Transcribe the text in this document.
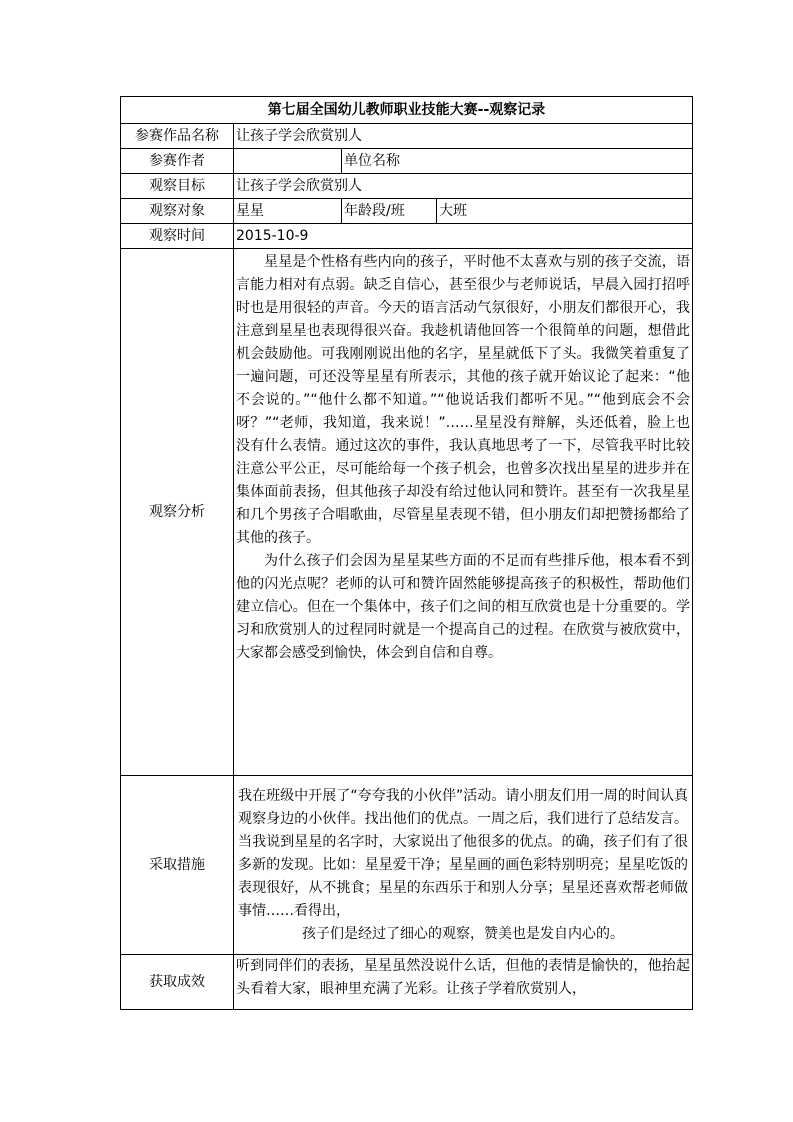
第七届全国幼儿教师职业技能大赛--观察记录			
参赛作品名称	让孩子学会欣赏别人		
参赛作者		单位名称	
观察目标	让孩子学会欣赏别人		
观察对象	星星	年龄段/班	大班
观察时间	2015-10-9		
观察分析	星星是个性格有些内向的孩子，平时他不太喜欢与别的孩子交流，语言能力相对有点弱。缺乏自信心，甚至很少与老师说话，早晨入园打招呼时也是用很轻的声音。今天的语言活动气氛很好，小朋友们都很开心，我注意到星星也表现得很兴奋。我趁机请他回答一个很简单的问题，想借此机会鼓励他。可我刚刚说出他的名字，星星就低下了头。我微笑着重复了一遍问题，可还没等星星有所表示，其他的孩子就开始议论了起来：“他不会说的。”“他什么都不知道。”“他说话我们都听不见。”“他到底会不会呀？”“老师，我知道，我来说！”……星星没有辩解，头还低着，脸上也没有什么表情。通过这次的事件，我认真地思考了一下，尽管我平时比较注意公平公正，尽可能给每一个孩子机会，也曾多次找出星星的进步并在集体面前表扬，但其他孩子却没有给过他认同和赞许。甚至有一次我星星和几个男孩子合唱歌曲，尽管星星表现不错，但小朋友们却把赞扬都给了其他的孩子。

为什么孩子们会因为星星某些方面的不足而有些排斥他，根本看不到他的闪光点呢？老师的认可和赞许固然能够提高孩子的积极性，帮助他们建立信心。但在一个集体中，孩子们之间的相互欣赏也是十分重要的。学习和欣赏别人的过程同时就是一个提高自己的过程。在欣赏与被欣赏中，大家都会感受到愉快，体会到自信和自尊。		

采取措施	我在班级中开展了“夸夸我的小伙伴”活动。请小朋友们用一周的时间认真观察身边的小伙伴。找出他们的优点。一周之后，我们进行了总结发言。当我说到星星的名字时，大家说出了他很多的优点。的确，孩子们有了很多新的发现。比如：星星爱干净；星星画的画色彩特别明亮；星星吃饭的表现很好，从不挑食；星星的东西乐于和别人分享；星星还喜欢帮老师做事情……看得出，

孩子们是经过了细心的观察，赞美也是发自内心的。		

获取成效	听到同伴们的表扬，星星虽然没说什么话，但他的表情是愉快的，他抬起头看着大家，眼神里充满了光彩。让孩子学着欣赏别人，		
